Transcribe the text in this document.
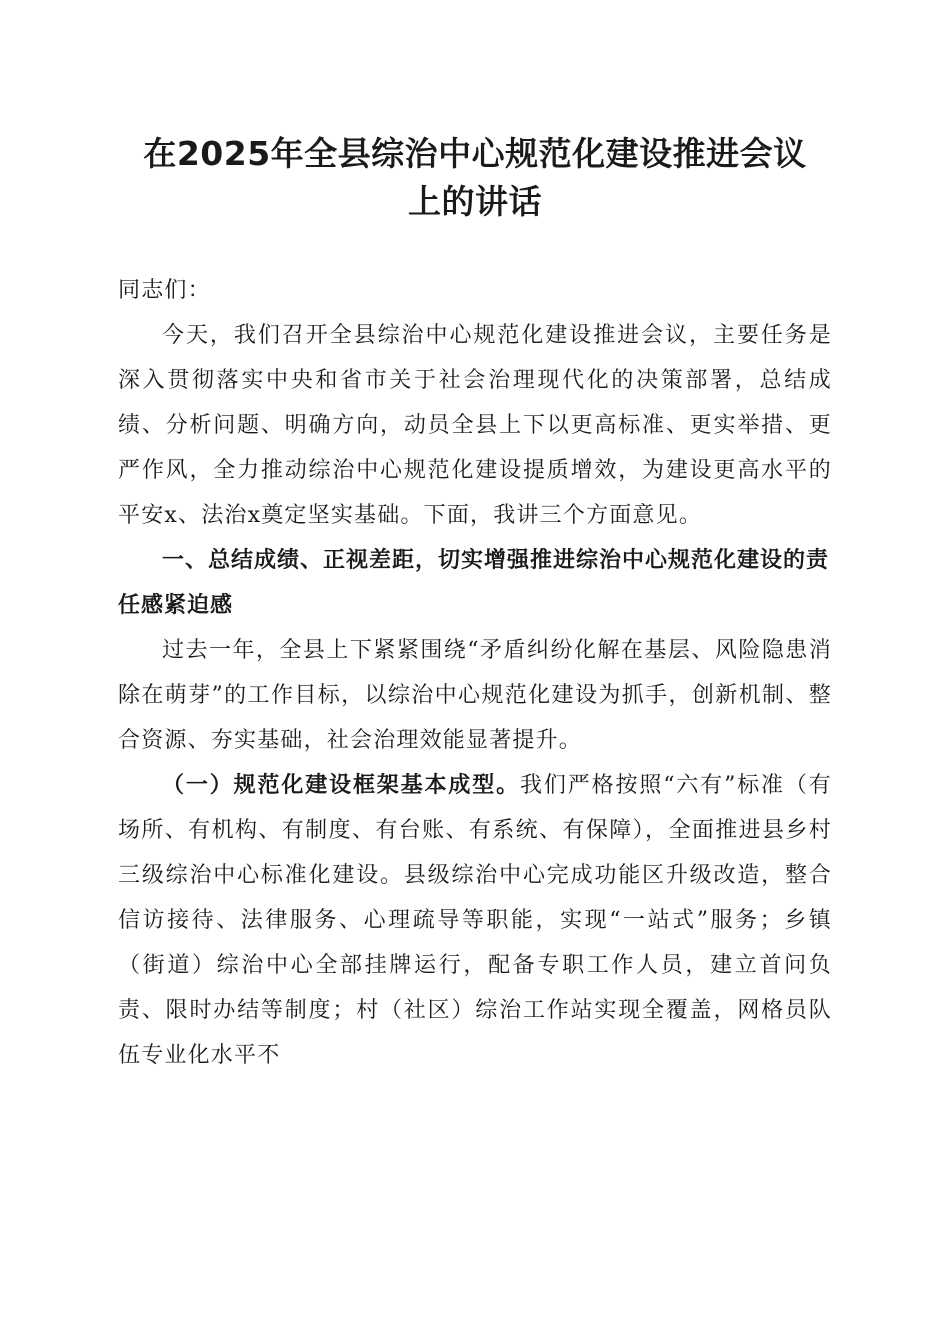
在2025年全县综治中心规范化建设推进会议
上的讲话

同志们：

今天，我们召开全县综治中心规范化建设推进会议，主要任务是深入贯彻落实中央和省市关于社会治理现代化的决策部署，总结成绩、分析问题、明确方向，动员全县上下以更高标准、更实举措、更严作风，全力推动综治中心规范化建设提质增效，为建设更高水平的平安x、法治x奠定坚实基础。下面，我讲三个方面意见。

一、总结成绩、正视差距，切实增强推进综治中心规范化建设的责任感紧迫感

过去一年，全县上下紧紧围绕“矛盾纠纷化解在基层、风险隐患消除在萌芽”的工作目标，以综治中心规范化建设为抓手，创新机制、整合资源、夯实基础，社会治理效能显著提升。

（一）规范化建设框架基本成型。我们严格按照“六有”标准（有场所、有机构、有制度、有台账、有系统、有保障），全面推进县乡村三级综治中心标准化建设。县级综治中心完成功能区升级改造，整合信访接待、法律服务、心理疏导等职能，实现“一站式”服务；乡镇（街道）综治中心全部挂牌运行，配备专职工作人员，建立首问负责、限时办结等制度；村（社区）综治工作站实现全覆盖，网格员队伍专业化水平不
